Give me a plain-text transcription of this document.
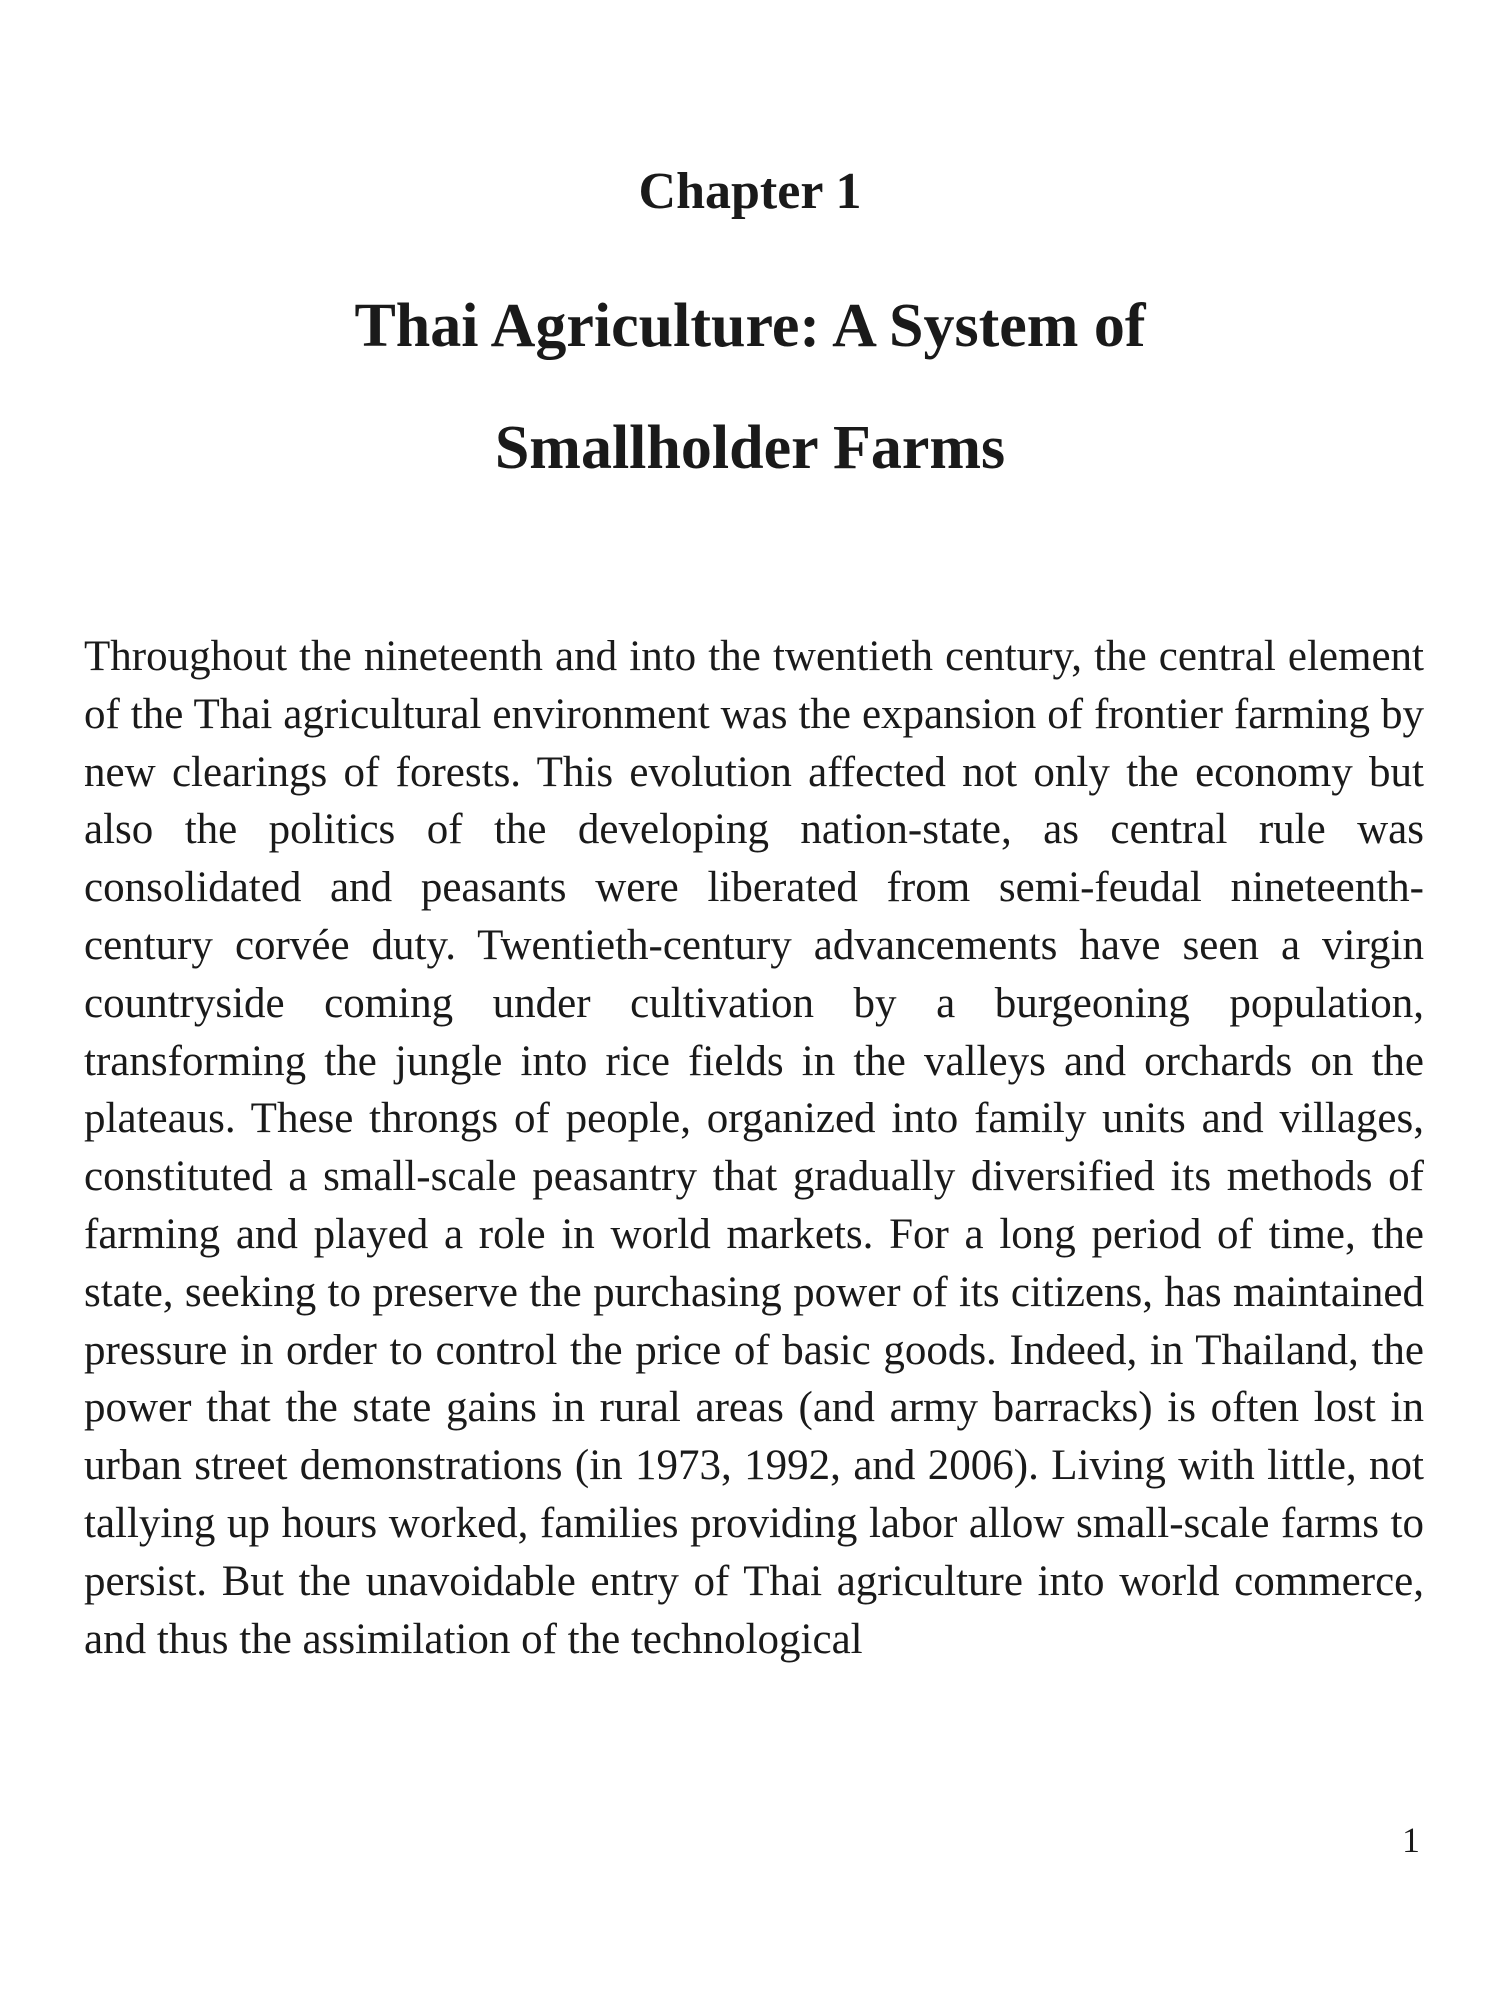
Chapter 1
Thai Agriculture: A System of
Smallholder Farms

Throughout the nineteenth and into the twentieth century, the central element of the Thai agricultural environment was the expansion of frontier farming by new clearings of forests. This evolution affected not only the economy but also the politics of the developing nation-state, as central rule was consolidated and peasants were liberated from semi-feudal nineteenth-century corvée duty. Twentieth-century advancements have seen a virgin countryside coming under cultivation by a burgeoning population, transforming the jungle into rice fields in the valleys and orchards on the plateaus. These throngs of people, organized into family units and villages, constituted a small-scale peasantry that gradually diversified its methods of farming and played a role in world markets. For a long period of time, the state, seeking to preserve the purchasing power of its citizens, has maintained pressure in order to control the price of basic goods. Indeed, in Thailand, the power that the state gains in rural areas (and army barracks) is often lost in urban street demonstrations (in 1973, 1992, and 2006). Living with little, not tallying up hours worked, families providing labor allow small-scale farms to persist. But the unavoidable entry of Thai agriculture into world commerce, and thus the assimilation of the technological

1
